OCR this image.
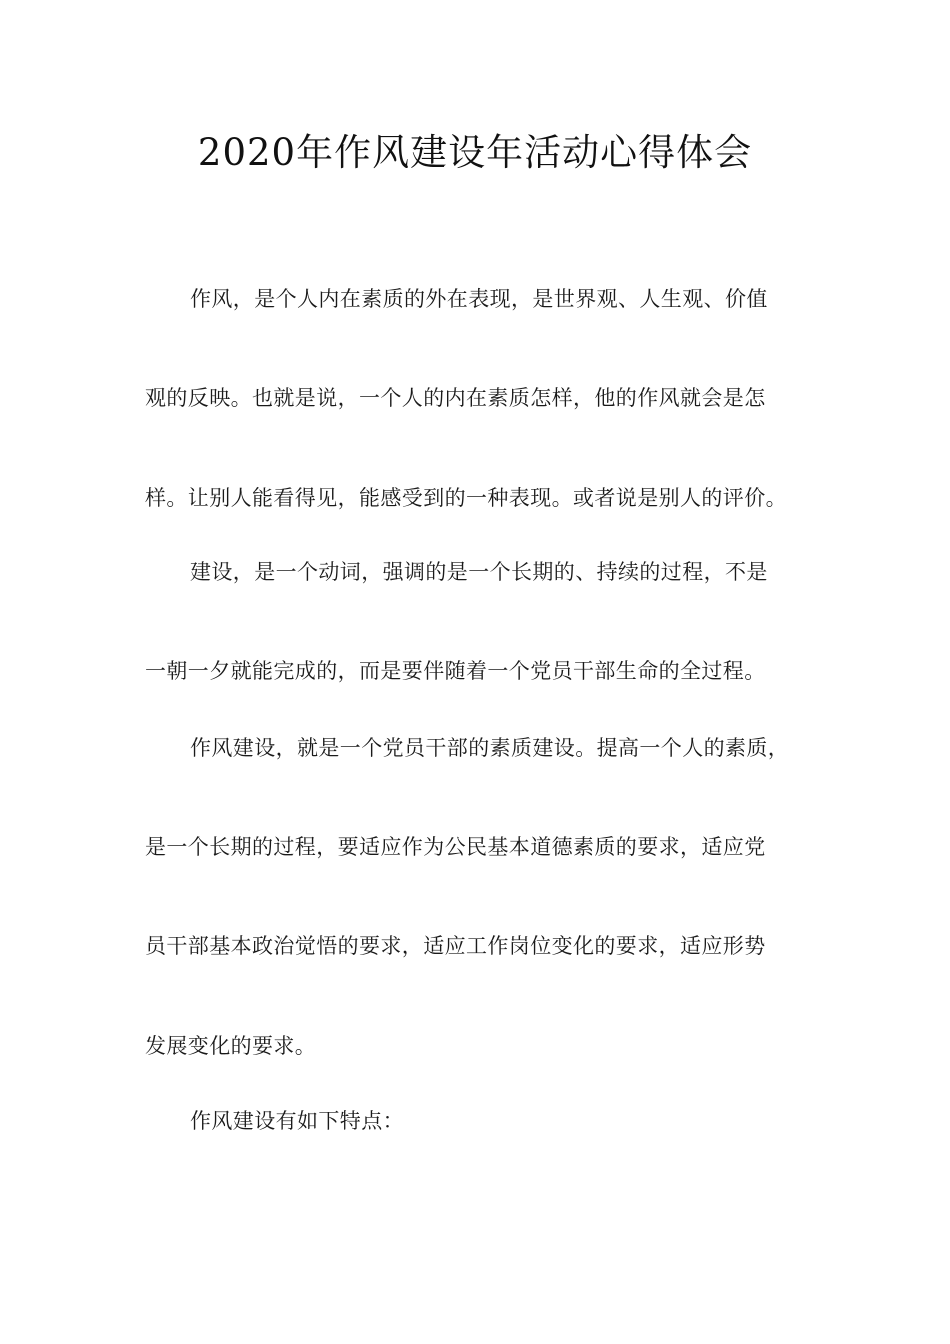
2020年作风建设年活动心得体会

作风，是个人内在素质的外在表现，是世界观、人生观、价值

观的反映。也就是说，一个人的内在素质怎样，他的作风就会是怎

样。让别人能看得见，能感受到的一种表现。或者说是别人的评价。

建设，是一个动词，强调的是一个长期的、持续的过程，不是

一朝一夕就能完成的，而是要伴随着一个党员干部生命的全过程。

作风建设，就是一个党员干部的素质建设。提高一个人的素质，

是一个长期的过程，要适应作为公民基本道德素质的要求，适应党

员干部基本政治觉悟的要求，适应工作岗位变化的要求，适应形势

发展变化的要求。

作风建设有如下特点：
